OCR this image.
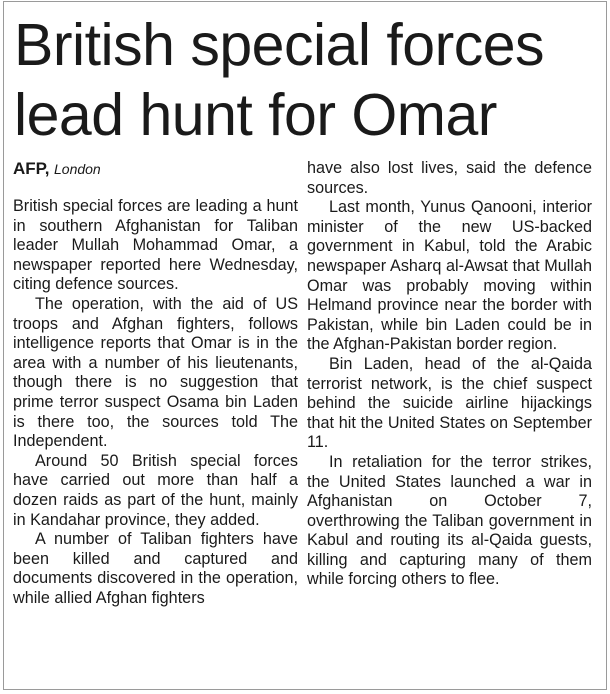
British special forces
lead hunt for Omar
AFP, London

British special forces are leading a hunt in southern Afghanistan for Taliban leader Mullah Mohammad Omar, a newspaper reported here Wednesday, citing defence sources.

The operation, with the aid of US troops and Afghan fighters, follows intelligence reports that Omar is in the area with a number of his lieutenants, though there is no suggestion that prime terror suspect Osama bin Laden is there too, the sources told The Independent.

Around 50 British special forces have carried out more than half a dozen raids as part of the hunt, mainly in Kandahar province, they added.

A number of Taliban fighters have been killed and captured and documents discovered in the operation, while allied Afghan fighters

have also lost lives, said the defence sources.

Last month, Yunus Qanooni, interior minister of the new US-backed government in Kabul, told the Arabic newspaper Asharq al-Awsat that Mullah Omar was probably moving within Helmand province near the border with Pakistan, while bin Laden could be in the Afghan-Pakistan border region.

Bin Laden, head of the al-Qaida terrorist network, is the chief suspect behind the suicide airline hijackings that hit the United States on September 11.

In retaliation for the terror strikes, the United States launched a war in Afghanistan on October 7, overthrowing the Taliban government in Kabul and routing its al-Qaida guests, killing and capturing many of them while forcing others to flee.
